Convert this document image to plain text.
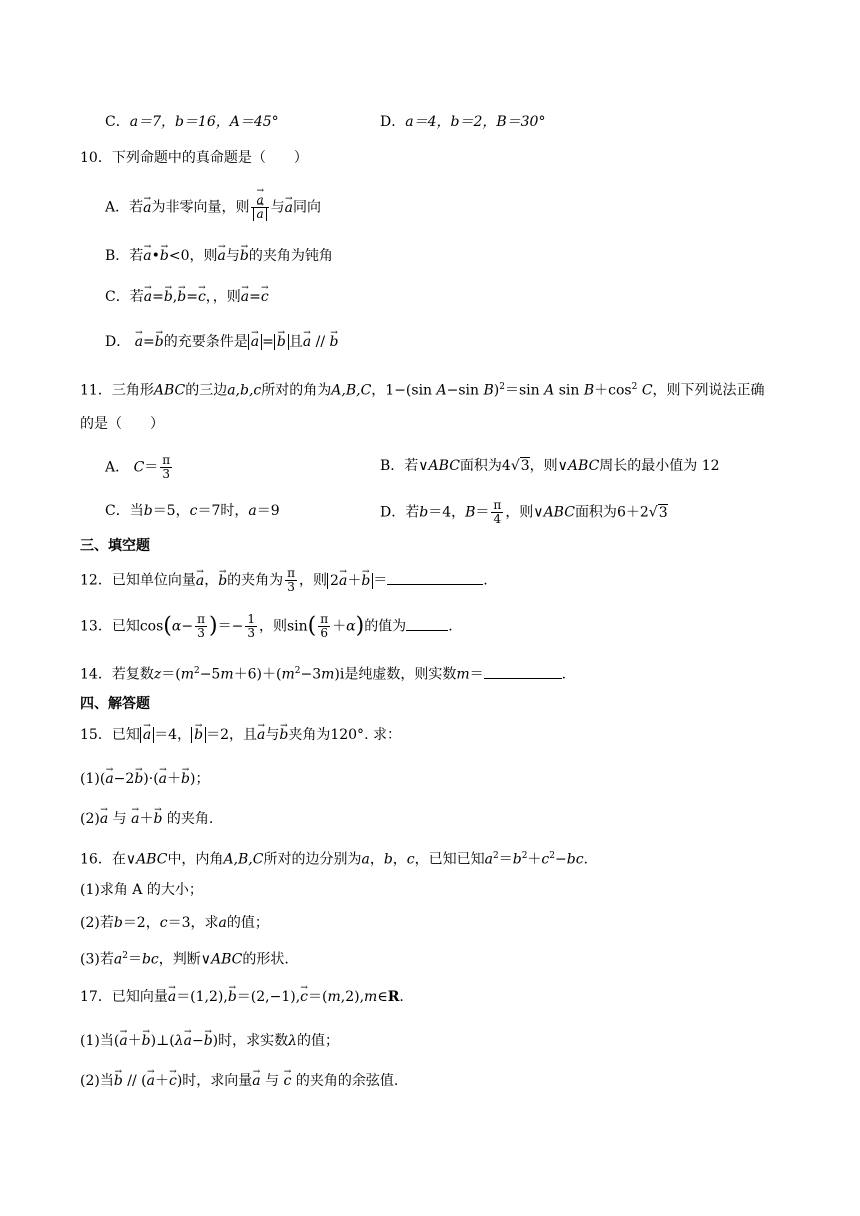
C．a＝7，b＝16，A＝45°	D．a＝4，b＝2，B＝30°
10．下列命题中的真命题是（　　）
A．若→ a为非零向量，则 → a
→ a 与→ a同向
B．若→ a•→ b<0，则→ a与→ b的夹角为钝角
C．若→ a=→ b,→ b=→ c，，则→ a=→ c
D． → a=→ b的充要条件是 → a = → b 且→ a // → b
11．三角形ABC的三边a,b,c所对的角为A,B,C，1−(sin A−sin B)$^2$＝sin A $\sin B+\cos^2$ C，则下列说法正确
的是（　　）
A． $C= \frac{\pi}{3}$	B．若∨ABC面积为4√3，则∨ABC周长的最小值为 12
C．当b＝5，c＝7时，a＝9	D．若b＝4，$B= \frac{\pi}{4}$ ，则∨ABC面积为6＋2√3
三、填空题
12．已知单位向量→ a，→ b的夹角为 $\frac{\pi}{3}$ ，则 2→ a＋→ b ＝	.
13．已知$\cos(\alpha- \frac{\pi}{3}$ )＝− $\frac{1}{3}$ ，则$\sin( \frac{\pi}{6} +\alpha)$的值为	.
14．若复数$z=(m^2-5m+6)+(m^2-3m)i$是纯虚数，则实数m＝	.
四、解答题
15．已知 → a ＝4， → b ＝2，且→ a与→ b夹角为120°. 求：
(1)(→ a−2→ b)·(→ a＋→ b)；
(2)→ a 与 → a＋→ b 的夹角.
16．在∨ABC中，内角A,B,C所对的边分别为a，b，c，已知已知$a^2=b^2+c^2-bc$.
(1)求角 A 的大小；
(2)若b＝2，c＝3，求a的值；
(3)若$a^2=bc$，判断∨ABC的形状.
17．已知向量→ a＝(1,2),→ b＝(2,−1),→ c＝(m,2),m∈R.
(1)当(→ a＋→ b)⊥(λ→ a−→ b)时，求实数λ的值；
(2)当→ b // (→ a＋→ c)时，求向量→ a 与 → c 的夹角的余弦值.
